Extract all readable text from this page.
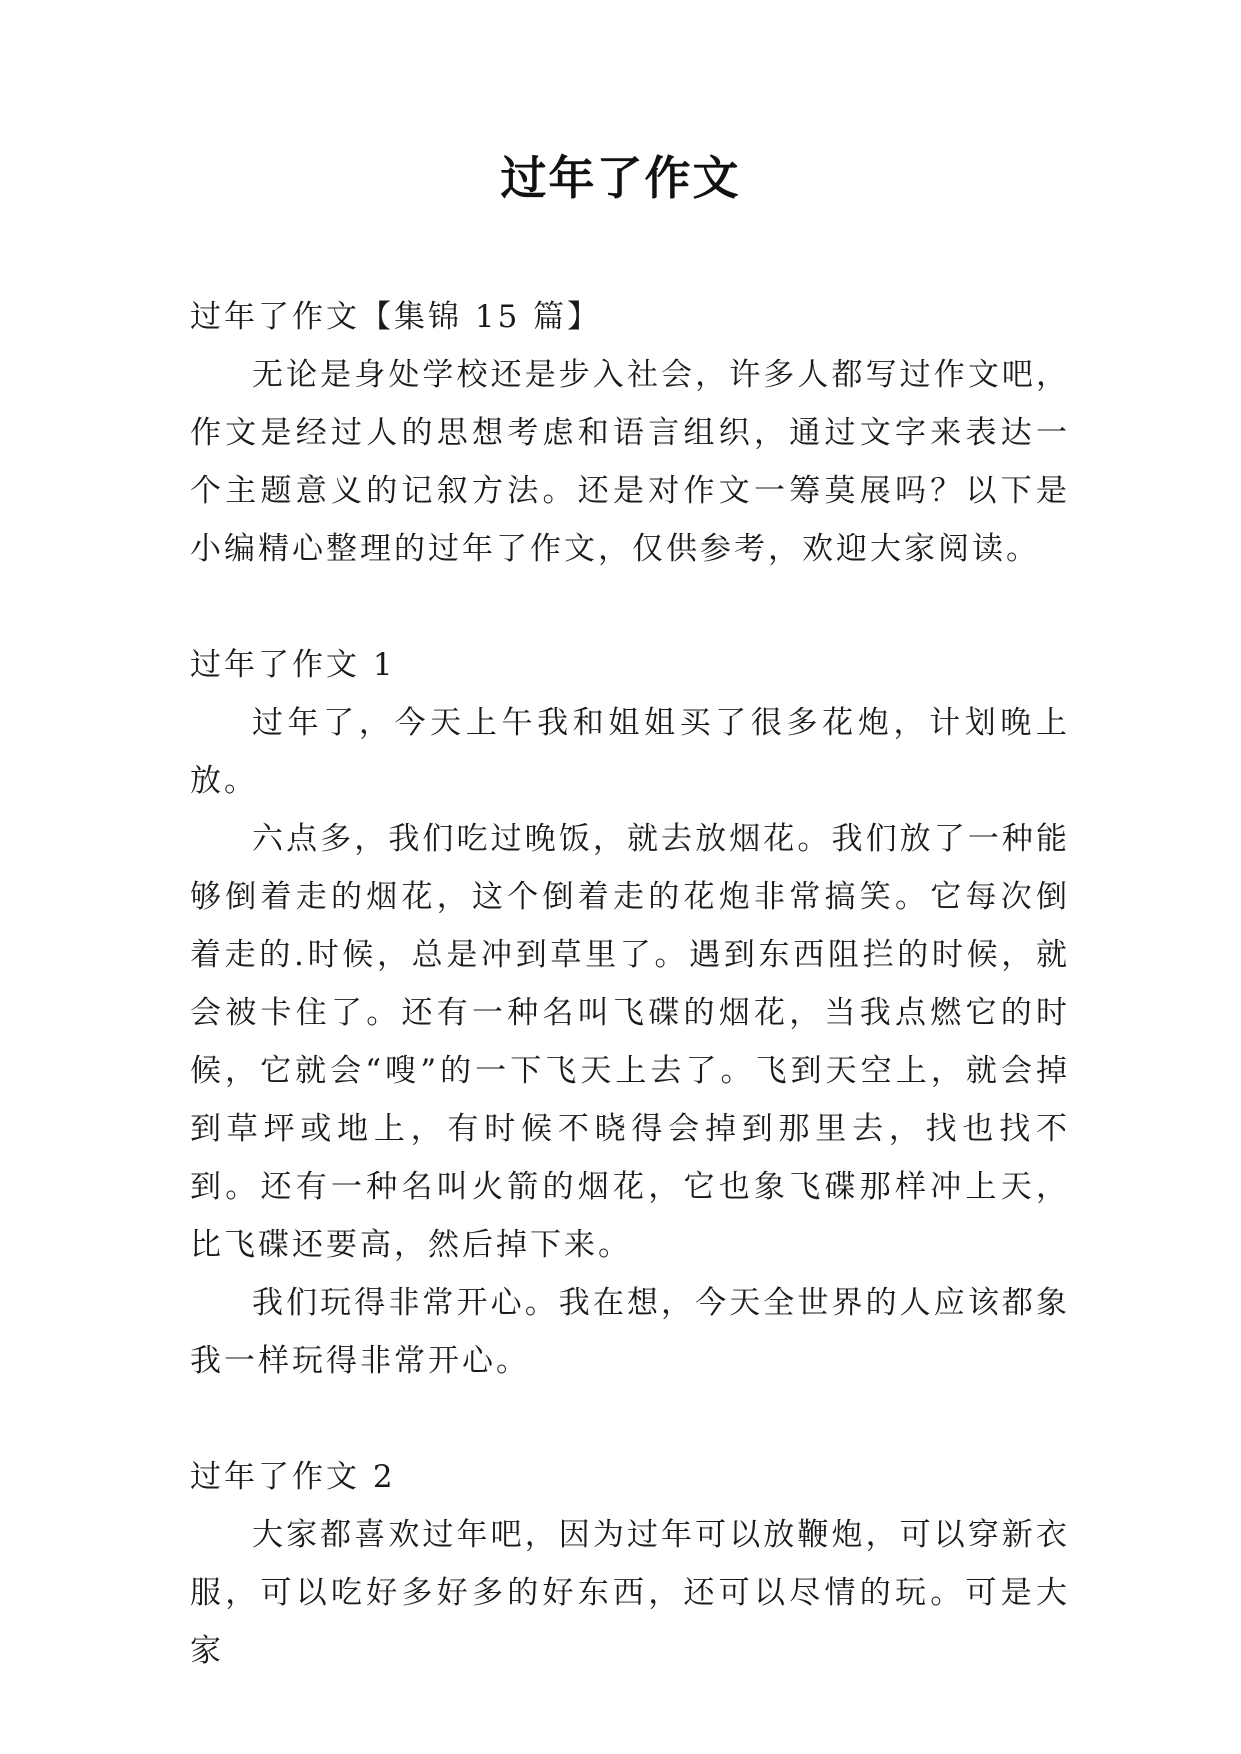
过年了作文

过年了作文【集锦 15 篇】

无论是身处学校还是步入社会，许多人都写过作文吧，作文是经过人的思想考虑和语言组织，通过文字来表达一个主题意义的记叙方法。还是对作文一筹莫展吗？以下是小编精心整理的过年了作文，仅供参考，欢迎大家阅读。

过年了作文 1

过年了，今天上午我和姐姐买了很多花炮，计划晚上放。

六点多，我们吃过晚饭，就去放烟花。我们放了一种能够倒着走的烟花，这个倒着走的花炮非常搞笑。它每次倒着走的.时候，总是冲到草里了。遇到东西阻拦的时候，就会被卡住了。还有一种名叫飞碟的烟花，当我点燃它的时候，它就会“嗖”的一下飞天上去了。飞到天空上，就会掉到草坪或地上，有时候不晓得会掉到那里去，找也找不到。还有一种名叫火箭的烟花，它也象飞碟那样冲上天，比飞碟还要高，然后掉下来。

我们玩得非常开心。我在想，今天全世界的人应该都象我一样玩得非常开心。

过年了作文 2

大家都喜欢过年吧，因为过年可以放鞭炮，可以穿新衣服，可以吃好多好多的好东西，还可以尽情的玩。可是大家
